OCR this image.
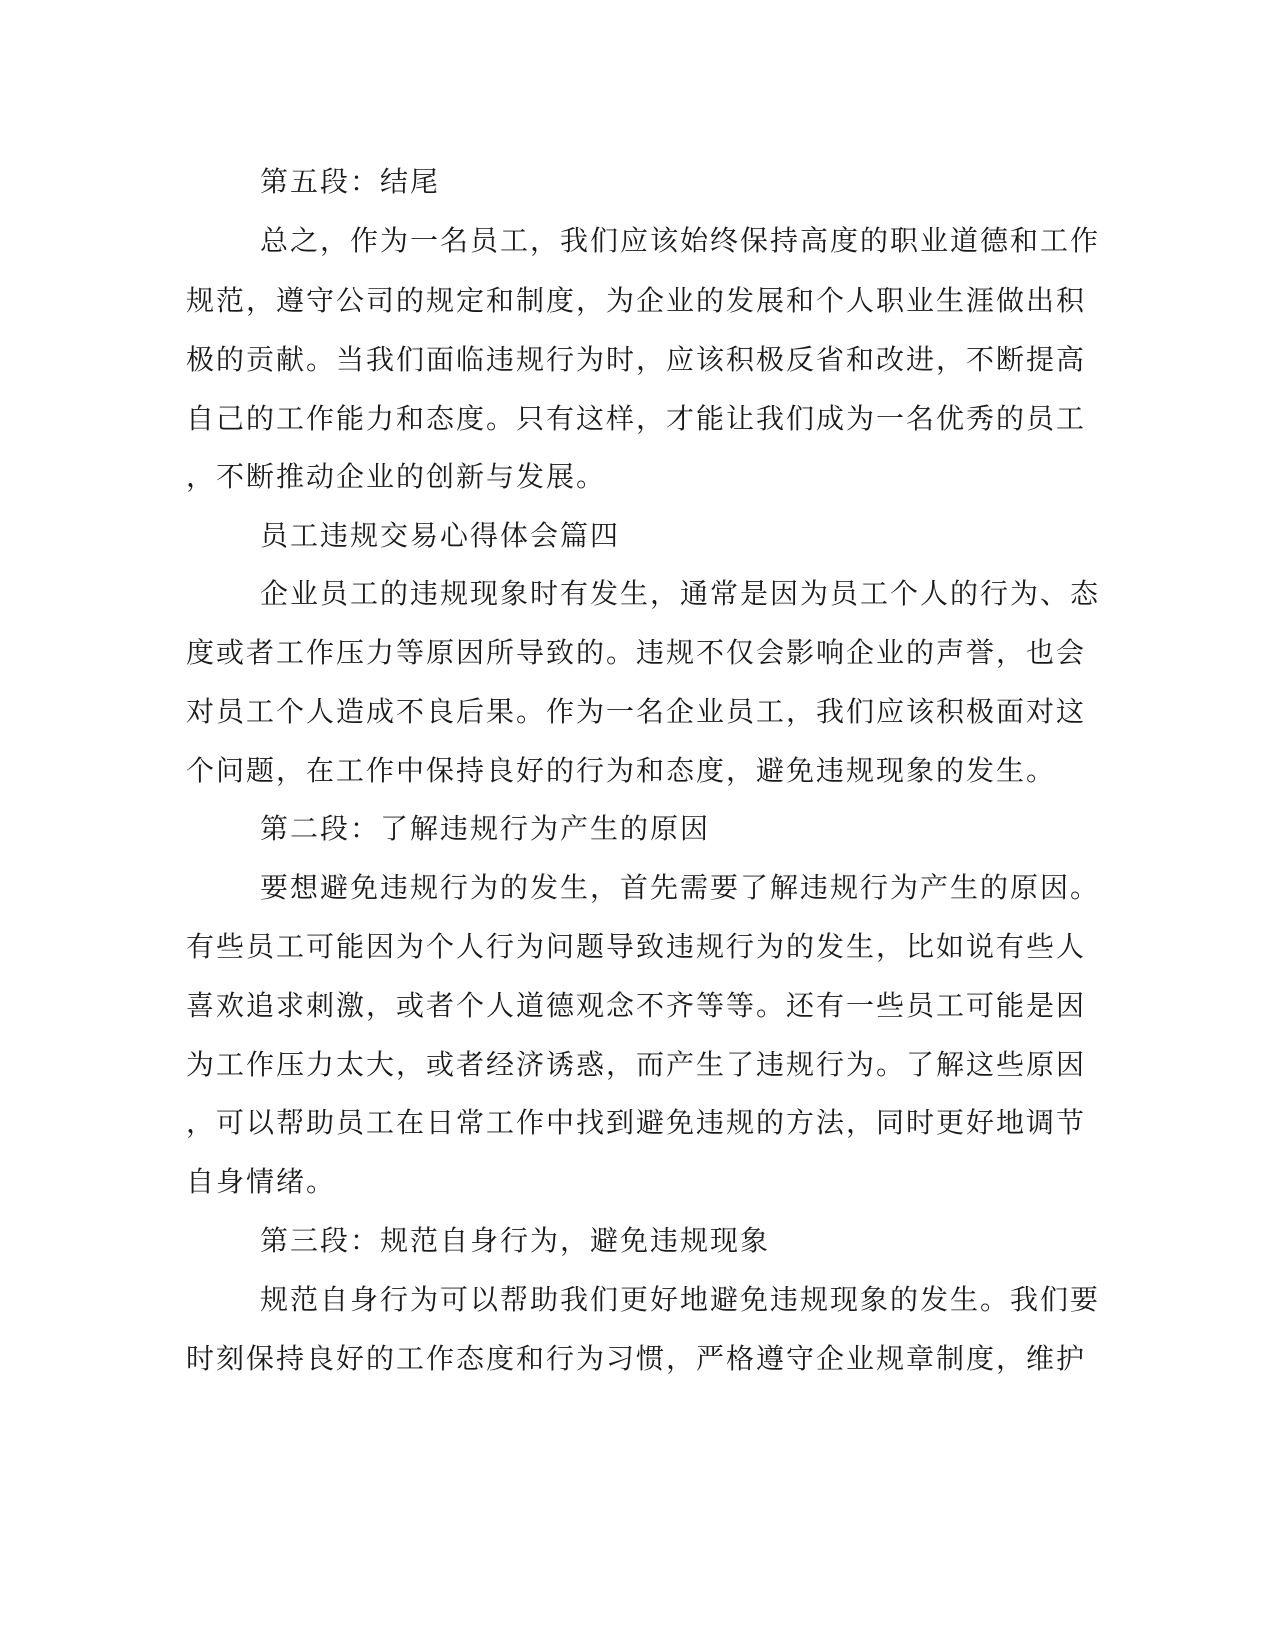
第五段：结尾
总之，作为一名员工，我们应该始终保持高度的职业道德和工作
规范，遵守公司的规定和制度，为企业的发展和个人职业生涯做出积
极的贡献。当我们面临违规行为时，应该积极反省和改进，不断提高
自己的工作能力和态度。只有这样，才能让我们成为一名优秀的员工
，不断推动企业的创新与发展。
员工违规交易心得体会篇四
企业员工的违规现象时有发生，通常是因为员工个人的行为、态
度或者工作压力等原因所导致的。违规不仅会影响企业的声誉，也会
对员工个人造成不良后果。作为一名企业员工，我们应该积极面对这
个问题，在工作中保持良好的行为和态度，避免违规现象的发生。
第二段：了解违规行为产生的原因
要想避免违规行为的发生，首先需要了解违规行为产生的原因。
有些员工可能因为个人行为问题导致违规行为的发生，比如说有些人
喜欢追求刺激，或者个人道德观念不齐等等。还有一些员工可能是因
为工作压力太大，或者经济诱惑，而产生了违规行为。了解这些原因
，可以帮助员工在日常工作中找到避免违规的方法，同时更好地调节
自身情绪。
第三段：规范自身行为，避免违规现象
规范自身行为可以帮助我们更好地避免违规现象的发生。我们要
时刻保持良好的工作态度和行为习惯，严格遵守企业规章制度，维护
